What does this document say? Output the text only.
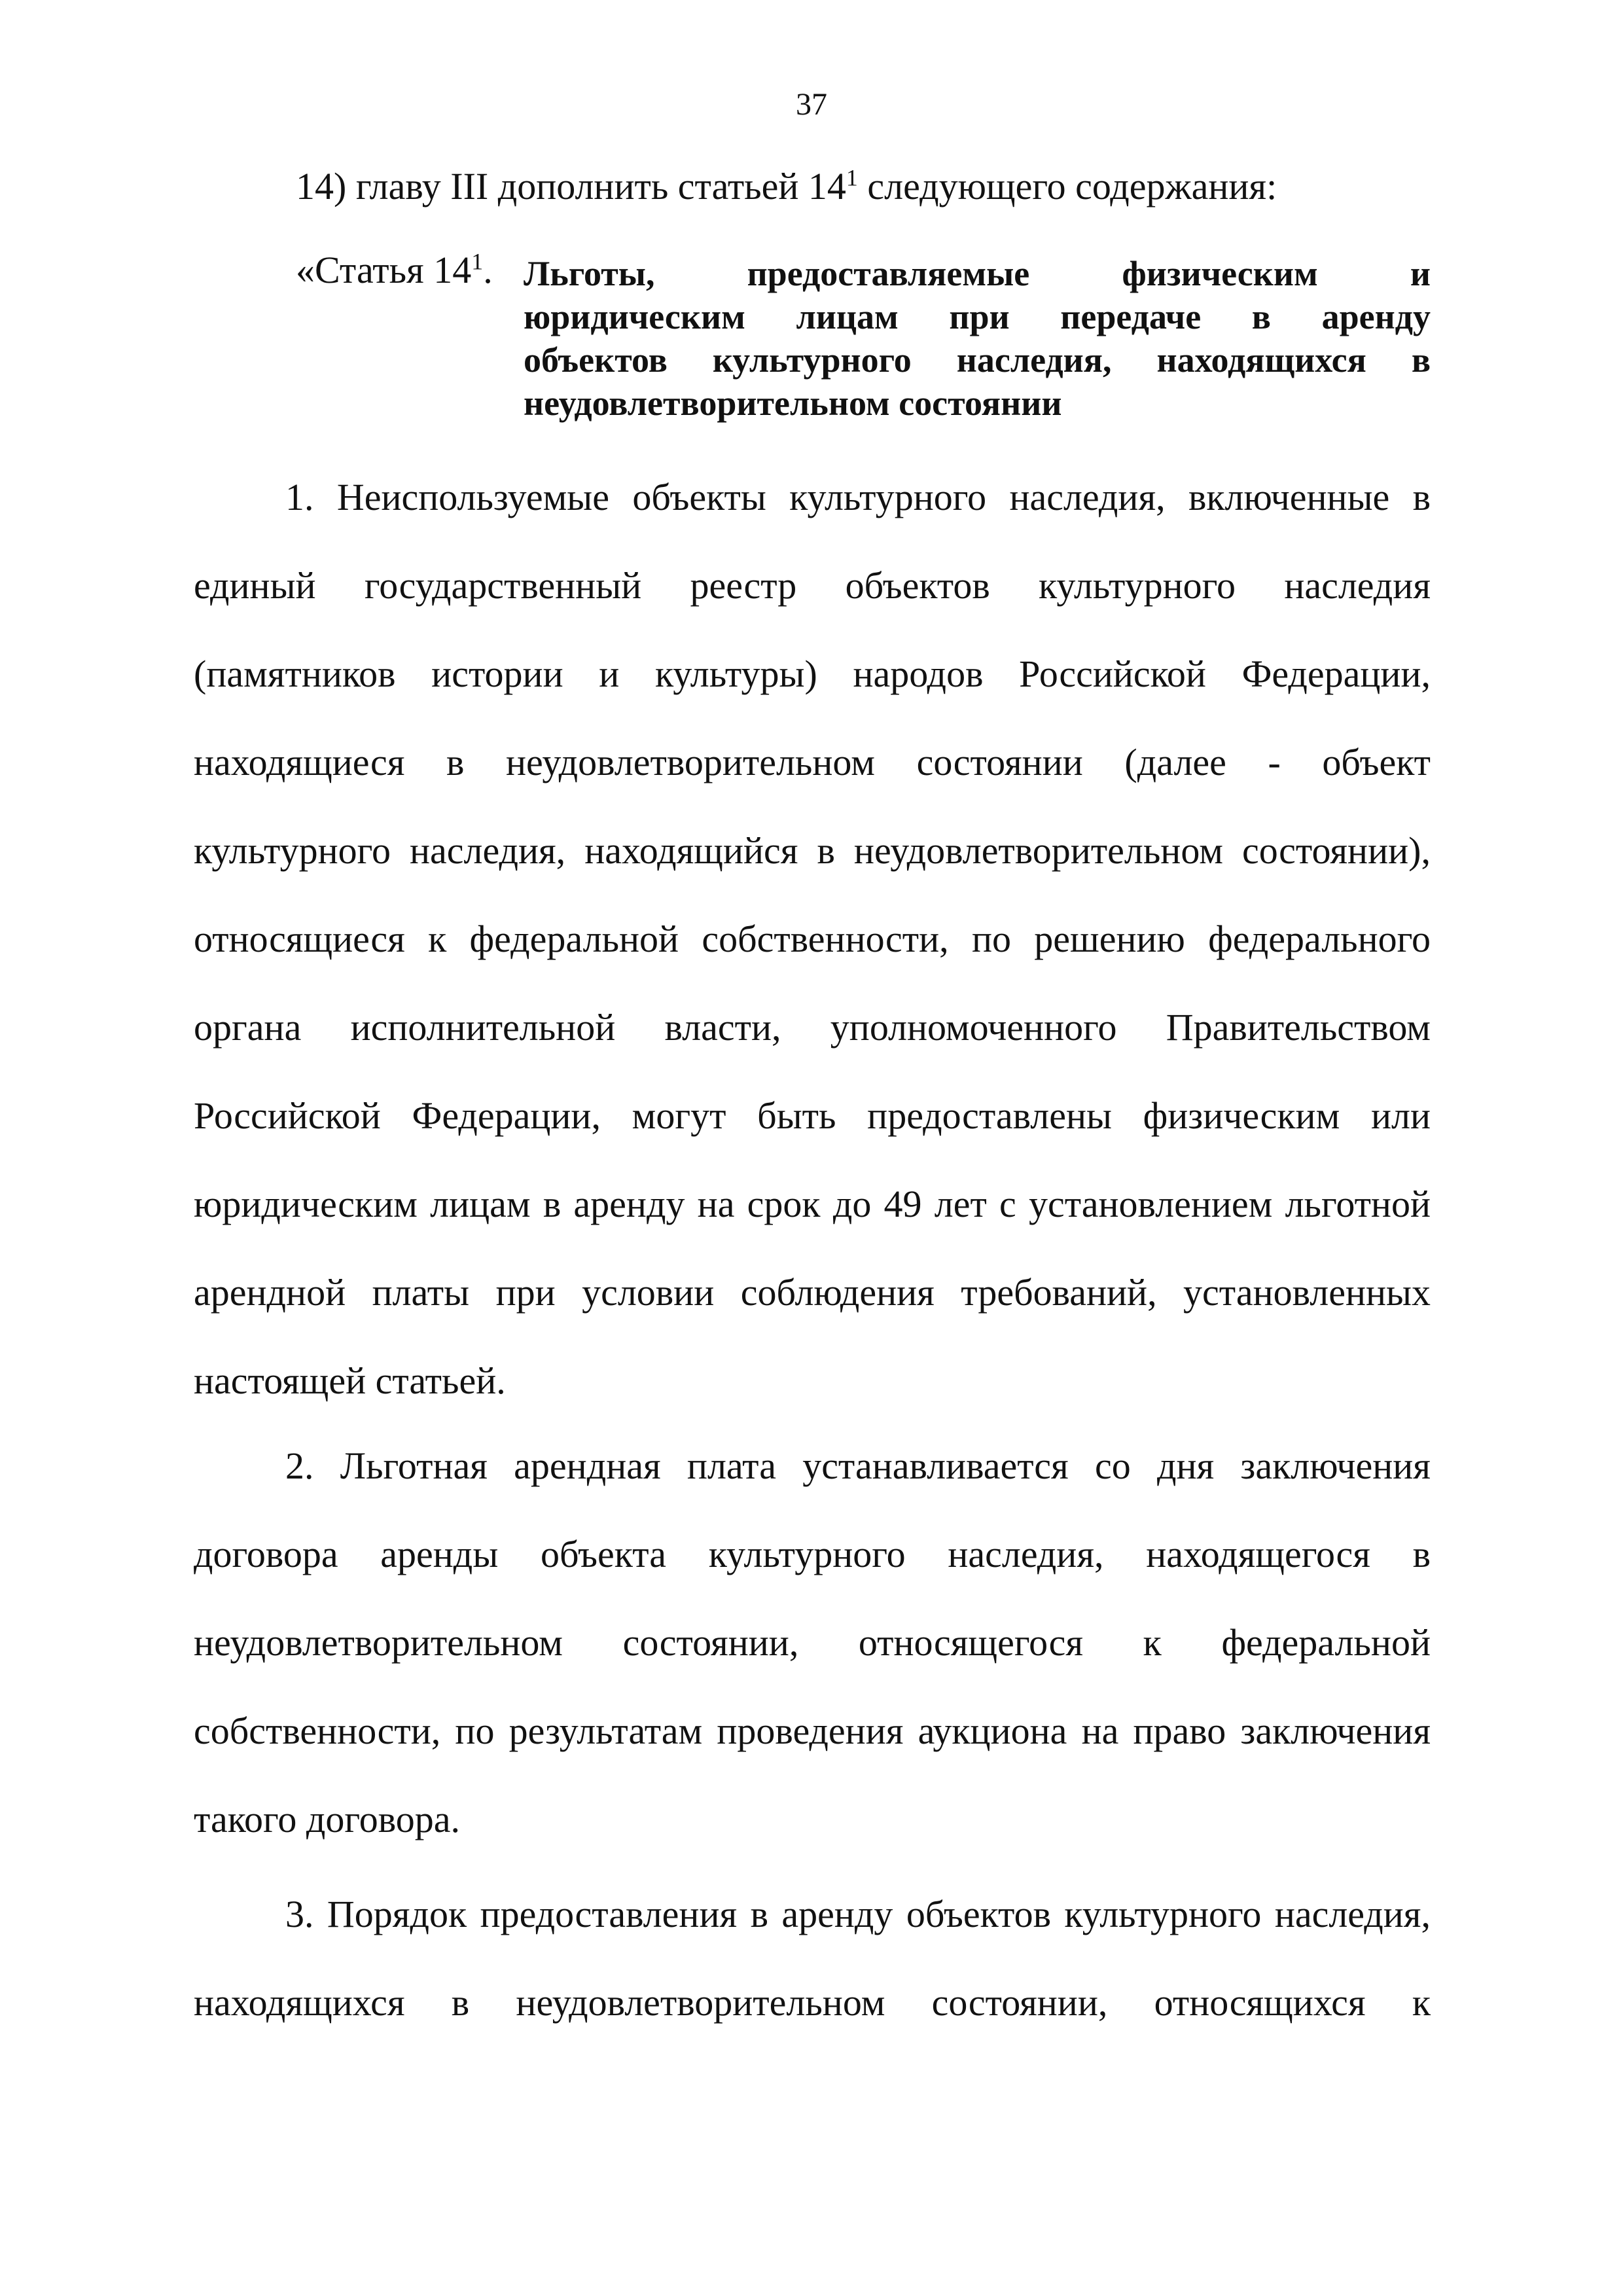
37
14) главу III дополнить статьей $14^1$ следующего содержания:
«Статья $14^1$. Льготы, предоставляемые физическим и
юридическим лицам при передаче в аренду
объектов культурного наследия, находящихся в
неудовлетворительном состоянии
1. Неиспользуемые объекты культурного наследия, включенные в
единый государственный реестр объектов культурного наследия
(памятников истории и культуры) народов Российской Федерации,
находящиеся в неудовлетворительном состоянии (далее - объект
культурного наследия, находящийся в неудовлетворительном состоянии),
относящиеся к федеральной собственности, по решению федерального
органа исполнительной власти, уполномоченного Правительством
Российской Федерации, могут быть предоставлены физическим или
юридическим лицам в аренду на срок до 49 лет с установлением льготной
арендной платы при условии соблюдения требований, установленных
настоящей статьей.
2. Льготная арендная плата устанавливается со дня заключения
договора аренды объекта культурного наследия, находящегося в
неудовлетворительном состоянии, относящегося к федеральной
собственности, по результатам проведения аукциона на право заключения
такого договора.
3. Порядок предоставления в аренду объектов культурного наследия,
находящихся в неудовлетворительном состоянии, относящихся к
